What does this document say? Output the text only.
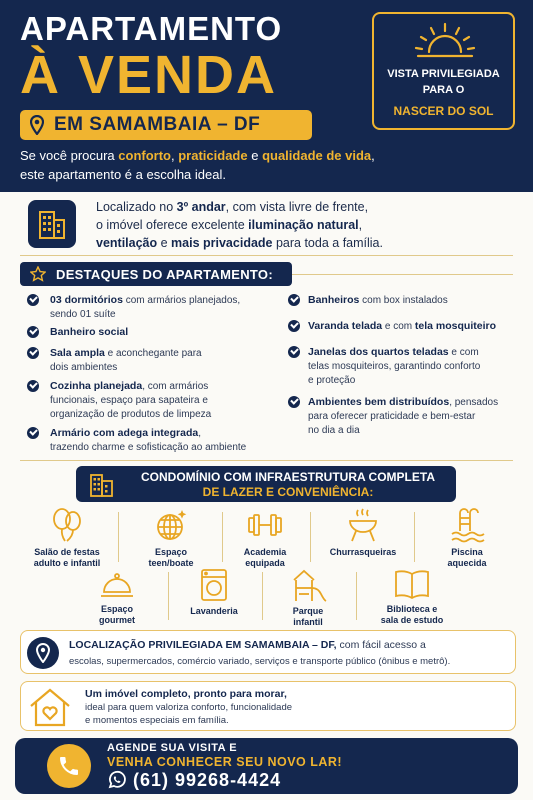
APARTAMENTO
À VENDA
EM SAMAMBAIA – DF
Se você procura conforto, praticidade e qualidade de vida,
este apartamento é a escolha ideal.
VISTA PRIVILEGIADA
PARA O
NASCER DO SOL
Localizado no 3º andar, com vista livre de frente,
o imóvel oferece excelente iluminação natural,
ventilação e mais privacidade para toda a família.
DESTAQUES DO APARTAMENTO:
03 dormitórios com armários planejados,
sendo 01 suíte
Banheiro social
Sala ampla e aconchegante para
dois ambientes
Cozinha planejada, com armários
funcionais, espaço para sapateira e
organização de produtos de limpeza
Armário com adega integrada,
trazendo charme e sofisticação ao ambiente
Banheiros com box instalados
Varanda telada e com tela mosquiteiro
Janelas dos quartos teladas e com
telas mosquiteiros, garantindo conforto
e proteção
Ambientes bem distribuídos, pensados
para oferecer praticidade e bem-estar
no dia a dia
CONDOMÍNIO COM INFRAESTRUTURA COMPLETA
DE LAZER E CONVENIÊNCIA:
Salão de festas
adulto e infantil
Espaço
teen/boate
Academia
equipada
Churrasqueiras	Piscina
aquecida
Espaço
gourmet
Lavanderia	Parque
infantil
Biblioteca e
sala de estudo
LOCALIZAÇÃO PRIVILEGIADA EM SAMAMBAIA – DF, com fácil acesso a
escolas, supermercados, comércio variado, serviços e transporte público (ônibus e metrô).
Um imóvel completo, pronto para morar,
ideal para quem valoriza conforto, funcionalidade
e momentos especiais em família.
AGENDE SUA VISITA E
VENHA CONHECER SEU NOVO LAR!
(61) 99268-4424
